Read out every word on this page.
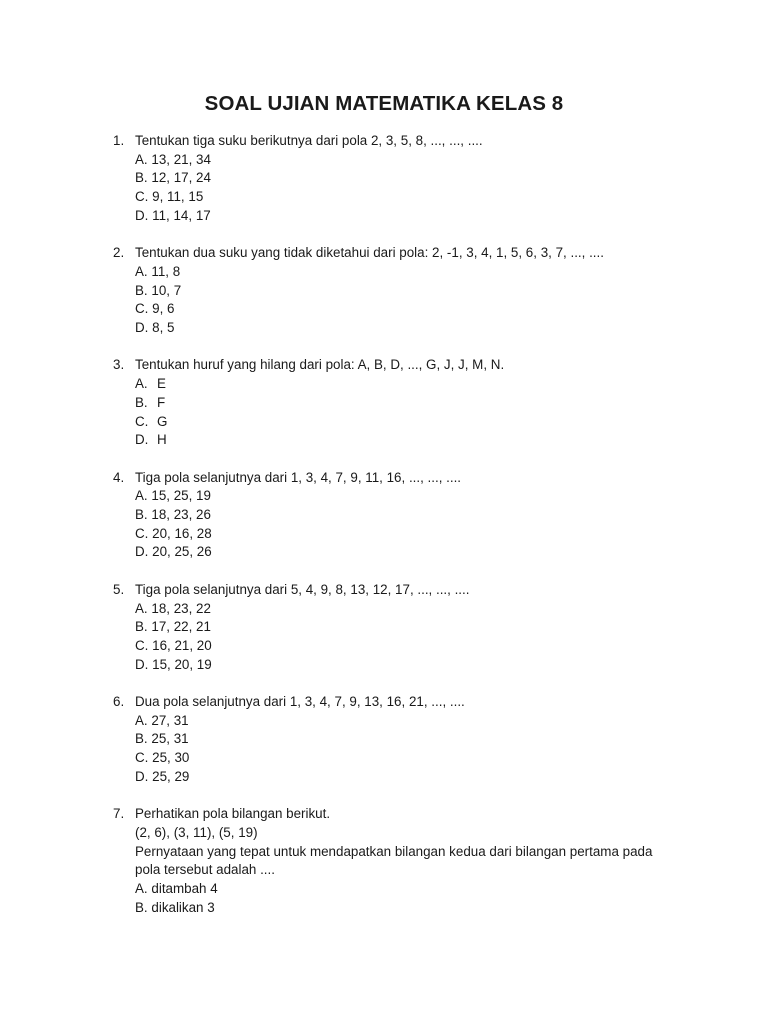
SOAL UJIAN MATEMATIKA KELAS 8
1. Tentukan tiga suku berikutnya dari pola 2, 3, 5, 8, ..., ..., ....
A. 13, 21, 34
B. 12, 17, 24
C. 9, 11, 15
D. 11, 14, 17
2. Tentukan dua suku yang tidak diketahui dari pola: 2, -1, 3, 4, 1, 5, 6, 3, 7, ..., ....
A. 11, 8
B. 10, 7
C. 9, 6
D. 8, 5
3. Tentukan huruf yang hilang dari pola: A, B, D, ..., G, J, J, M, N.
A. E
B. F
C. G
D. H
4. Tiga pola selanjutnya dari 1, 3, 4, 7, 9, 11, 16, ..., ..., ....
A. 15, 25, 19
B. 18, 23, 26
C. 20, 16, 28
D. 20, 25, 26
5. Tiga pola selanjutnya dari 5, 4, 9, 8, 13, 12, 17, ..., ..., ....
A. 18, 23, 22
B. 17, 22, 21
C. 16, 21, 20
D. 15, 20, 19
6. Dua pola selanjutnya dari 1, 3, 4, 7, 9, 13, 16, 21, ..., ....
A. 27, 31
B. 25, 31
C. 25, 30
D. 25, 29
7. Perhatikan pola bilangan berikut.
(2, 6), (3, 11), (5, 19)
Pernyataan yang tepat untuk mendapatkan bilangan kedua dari bilangan pertama pada
pola tersebut adalah ....
A. ditambah 4
B. dikalikan 3
